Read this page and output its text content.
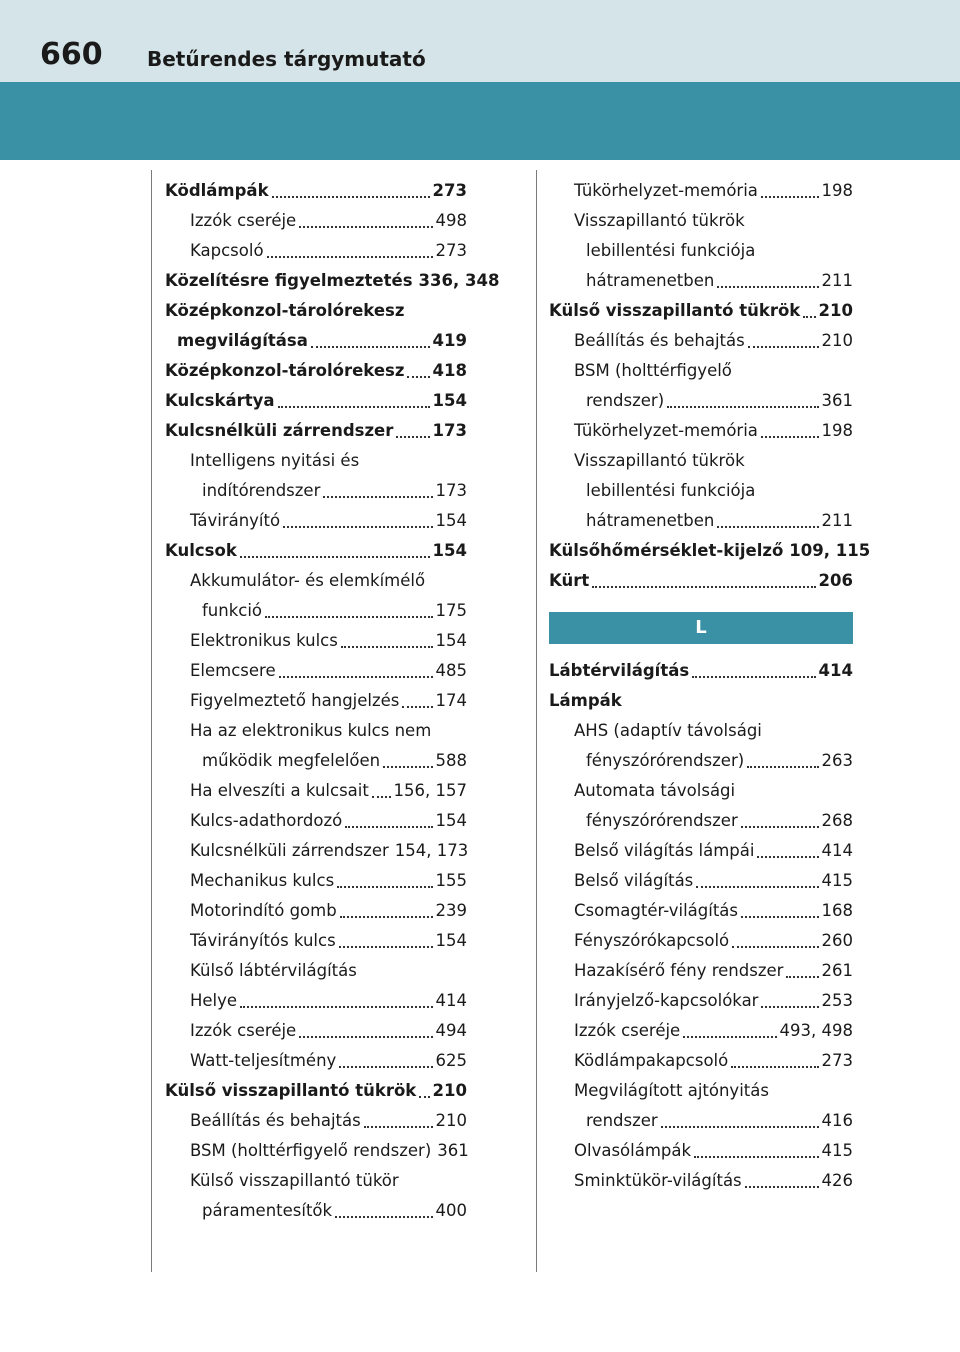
660 Betűrendes tárgymutató
Ködlámpák	273
Izzók cseréje	498
Kapcsoló	273
Közelítésre figyelmeztetés 336, 348
Középkonzol-tárolórekesz
megvilágítása	419
Középkonzol-tárolórekesz 418
Kulcskártya	154
Kulcsnélküli zárrendszer 173
Intelligens nyitási és
indítórendszer	173
Távirányító	154
Kulcsok	154
Akkumulátor- és elemkímélő
funkció	175
Elektronikus kulcs	154
Elemcsere	485
Figyelmeztető hangjelzés 174
Ha az elektronikus kulcs nem
működik megfelelően	588
Ha elveszíti a kulcsait 156, 157
Kulcs-adathordozó	154
Kulcsnélküli zárrendszer 154, 173
Mechanikus kulcs	155
Motorindító gomb	239
Távirányítós kulcs	154
Külső lábtérvilágítás
Helye	414
Izzók cseréje	494
Watt-teljesítmény	625
Külső visszapillantó tükrök 210
Beállítás és behajtás	210
BSM (holttérfigyelő rendszer) 361
Külső visszapillantó tükör
páramentesítők	400
Tükörhelyzet-memória	198
Visszapillantó tükrök
lebillentési funkciója
hátramenetben	211
Külső visszapillantó tükrök 210
Beállítás és behajtás	210
BSM (holttérfigyelő
rendszer)	361
Tükörhelyzet-memória	198
Visszapillantó tükrök
lebillentési funkciója
hátramenetben	211
Külsőhőmérséklet-kijelző 109, 115
Kürt	206
L
Lábtérvilágítás	414
Lámpák
AHS (adaptív távolsági
fényszórórendszer)	263
Automata távolsági
fényszórórendszer	268
Belső világítás lámpái	414
Belső világítás	415
Csomagtér-világítás	168
Fényszórókapcsoló	260
Hazakísérő fény rendszer 261
Irányjelző-kapcsolókar	253
Izzók cseréje	493, 498
Ködlámpakapcsoló	273
Megvilágított ajtónyitás
rendszer	416
Olvasólámpák	415
Sminktükör-világítás	426
